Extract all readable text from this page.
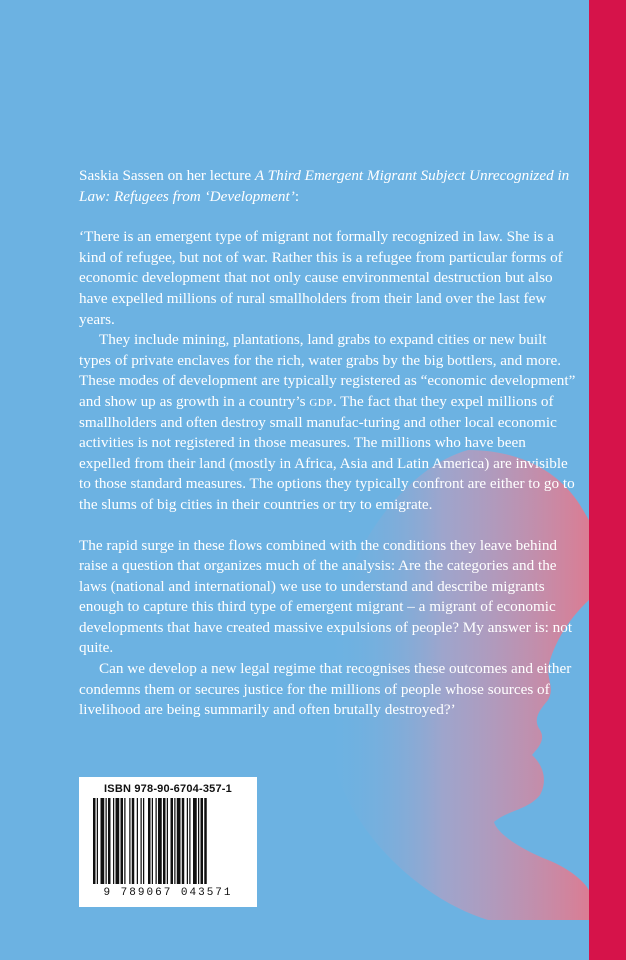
Saskia Sassen on her lecture A Third Emergent Migrant Subject Unrecognized in Law: Refugees from ‘Development’:

‘There is an emergent type of migrant not formally recognized in law. She is a kind of refugee, but not of war. Rather this is a refugee from particular forms of economic development that not only cause environmental destruction but also have expelled millions of rural smallholders from their land over the last few years.

They include mining, plantations, land grabs to expand cities or new built types of private enclaves for the rich, water grabs by the big bottlers, and more. These modes of development are typically registered as “economic development” and show up as growth in a country’s gdp. The fact that they expel millions of smallholders and often destroy small manufac-turing and other local economic activities is not registered in those measures. The millions who have been expelled from their land (mostly in Africa, Asia and Latin America) are invisible to those standard measures. The options they typically confront are either to go to the slums of big cities in their countries or try to emigrate.

The rapid surge in these flows combined with the conditions they leave behind raise a question that organizes much of the analysis: Are the categories and the laws (national and international) we use to understand and describe migrants enough to capture this third type of emergent migrant – a migrant of economic developments that have created massive expulsions of people? My answer is: not quite.

Can we develop a new legal regime that recognises these outcomes and either condemns them or secures justice for the millions of people whose sources of livelihood are being summarily and often brutally destroyed?’

ISBN 978-90-6704-357-1
9 789067 043571
